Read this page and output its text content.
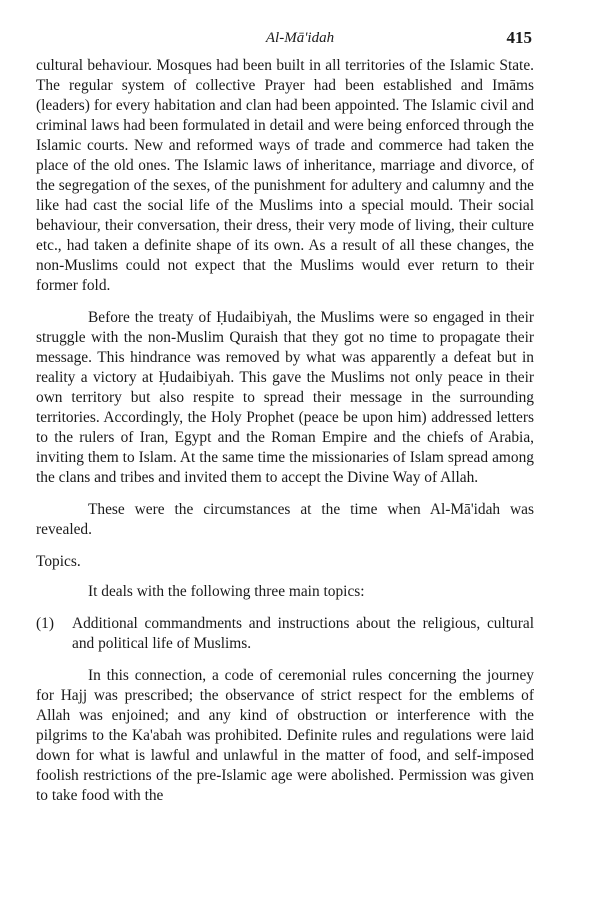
Al-Mā'idah	415

cultural behaviour. Mosques had been built in all territories of the Islamic State. The regular system of collective Prayer had been established and Imāms (leaders) for every habitation and clan had been appointed. The Islamic civil and criminal laws had been formulated in detail and were being enforced through the Islamic courts. New and reformed ways of trade and commerce had taken the place of the old ones. The Islamic laws of inheritance, marriage and divorce, of the segregation of the sexes, of the punishment for adultery and calumny and the like had cast the social life of the Muslims into a special mould. Their social behaviour, their conversation, their dress, their very mode of living, their culture etc., had taken a definite shape of its own. As a result of all these changes, the non-Muslims could not expect that the Muslims would ever return to their former fold.

Before the treaty of Ḥudaibiyah, the Muslims were so engaged in their struggle with the non-Muslim Quraish that they got no time to propagate their message. This hindrance was removed by what was apparently a defeat but in reality a victory at Ḥudaibiyah. This gave the Muslims not only peace in their own territory but also respite to spread their message in the surrounding territories. Accordingly, the Holy Prophet (peace be upon him) addressed letters to the rulers of Iran, Egypt and the Roman Empire and the chiefs of Arabia, inviting them to Islam. At the same time the missionaries of Islam spread among the clans and tribes and invited them to accept the Divine Way of Allah.

These were the circumstances at the time when Al-Mā'idah was revealed.

Topics.

It deals with the following three main topics:

(1)	Additional commandments and instructions about the religious, cultural and political life of Muslims.

In this connection, a code of ceremonial rules concerning the journey for Hajj was prescribed; the observance of strict respect for the emblems of Allah was enjoined; and any kind of obstruction or interference with the pilgrims to the Ka'abah was prohibited. Definite rules and regulations were laid down for what is lawful and unlawful in the matter of food, and self-imposed foolish restrictions of the pre-Islamic age were abolished. Permission was given to take food with the
